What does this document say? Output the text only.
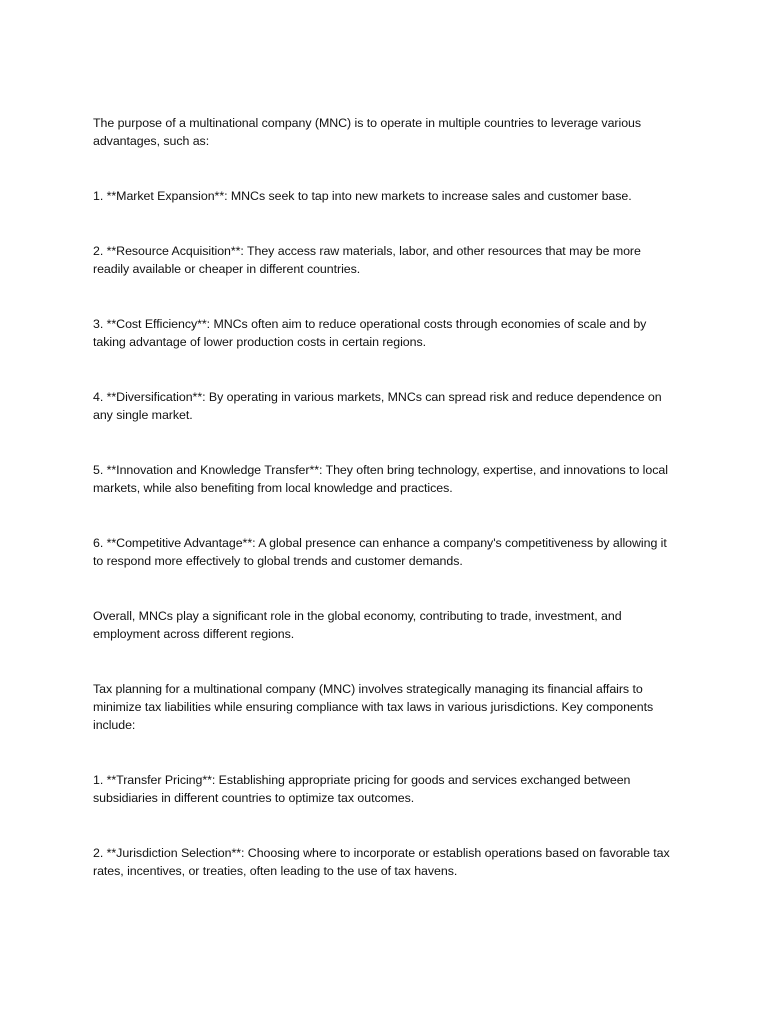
The purpose of a multinational company (MNC) is to operate in multiple countries to leverage various advantages, such as:

1. **Market Expansion**: MNCs seek to tap into new markets to increase sales and customer base.

2. **Resource Acquisition**: They access raw materials, labor, and other resources that may be more readily available or cheaper in different countries.

3. **Cost Efficiency**: MNCs often aim to reduce operational costs through economies of scale and by taking advantage of lower production costs in certain regions.

4. **Diversification**: By operating in various markets, MNCs can spread risk and reduce dependence on any single market.

5. **Innovation and Knowledge Transfer**: They often bring technology, expertise, and innovations to local markets, while also benefiting from local knowledge and practices.

6. **Competitive Advantage**: A global presence can enhance a company's competitiveness by allowing it to respond more effectively to global trends and customer demands.

Overall, MNCs play a significant role in the global economy, contributing to trade, investment, and employment across different regions.

Tax planning for a multinational company (MNC) involves strategically managing its financial affairs to minimize tax liabilities while ensuring compliance with tax laws in various jurisdictions. Key components include:

1. **Transfer Pricing**: Establishing appropriate pricing for goods and services exchanged between subsidiaries in different countries to optimize tax outcomes.

2. **Jurisdiction Selection**: Choosing where to incorporate or establish operations based on favorable tax rates, incentives, or treaties, often leading to the use of tax havens.
